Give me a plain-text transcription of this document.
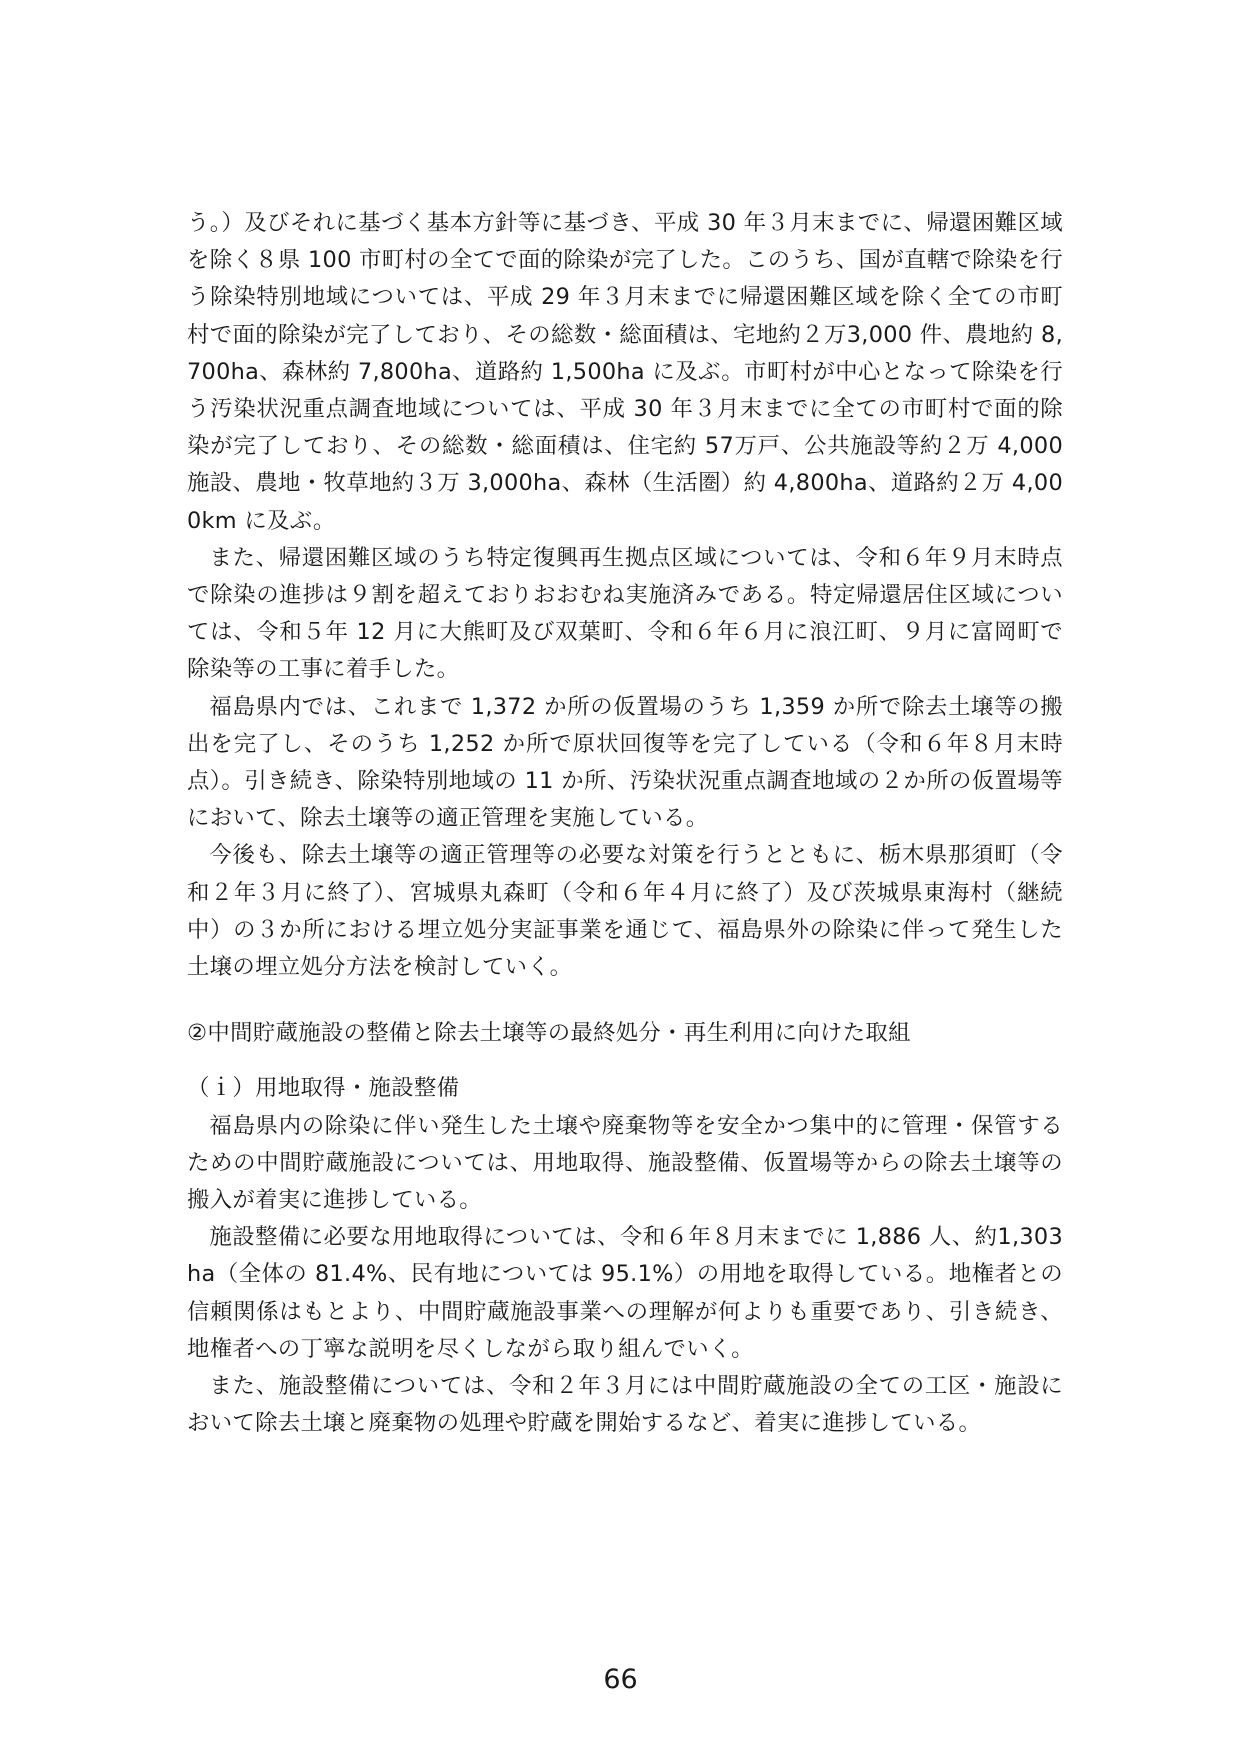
う。）及びそれに基づく基本方針等に基づき、平成 30 年３月末までに、帰還困難区域を除く８県 100 市町村の全てで面的除染が完了した。このうち、国が直轄で除染を行う除染特別地域については、平成 29 年３月末までに帰還困難区域を除く全ての市町村で面的除染が完了しており、その総数・総面積は、宅地約２万3,000 件、農地約 8,700ha、森林約 7,800ha、道路約 1,500ha に及ぶ。市町村が中心となって除染を行う汚染状況重点調査地域については、平成 30 年３月末までに全ての市町村で面的除染が完了しており、その総数・総面積は、住宅約 57万戸、公共施設等約２万 4,000 施設、農地・牧草地約３万 3,000ha、森林（生活圏）約 4,800ha、道路約２万 4,000km に及ぶ。

また、帰還困難区域のうち特定復興再生拠点区域については、令和６年９月末時点で除染の進捗は９割を超えておりおおむね実施済みである。特定帰還居住区域については、令和５年 12 月に大熊町及び双葉町、令和６年６月に浪江町、９月に富岡町で除染等の工事に着手した。

福島県内では、これまで 1,372 か所の仮置場のうち 1,359 か所で除去土壌等の搬出を完了し、そのうち 1,252 か所で原状回復等を完了している（令和６年８月末時点）。引き続き、除染特別地域の 11 か所、汚染状況重点調査地域の２か所の仮置場等において、除去土壌等の適正管理を実施している。

今後も、除去土壌等の適正管理等の必要な対策を行うとともに、栃木県那須町（令和２年３月に終了）、宮城県丸森町（令和６年４月に終了）及び茨城県東海村（継続中）の３か所における埋立処分実証事業を通じて、福島県外の除染に伴って発生した土壌の埋立処分方法を検討していく。

②中間貯蔵施設の整備と除去土壌等の最終処分・再生利用に向けた取組

（ｉ）用地取得・施設整備

福島県内の除染に伴い発生した土壌や廃棄物等を安全かつ集中的に管理・保管するための中間貯蔵施設については、用地取得、施設整備、仮置場等からの除去土壌等の搬入が着実に進捗している。

施設整備に必要な用地取得については、令和６年８月末までに 1,886 人、約1,303 ha（全体の 81.4%、民有地については 95.1%）の用地を取得している。地権者との信頼関係はもとより、中間貯蔵施設事業への理解が何よりも重要であり、引き続き、地権者への丁寧な説明を尽くしながら取り組んでいく。

また、施設整備については、令和２年３月には中間貯蔵施設の全ての工区・施設において除去土壌と廃棄物の処理や貯蔵を開始するなど、着実に進捗している。

66
